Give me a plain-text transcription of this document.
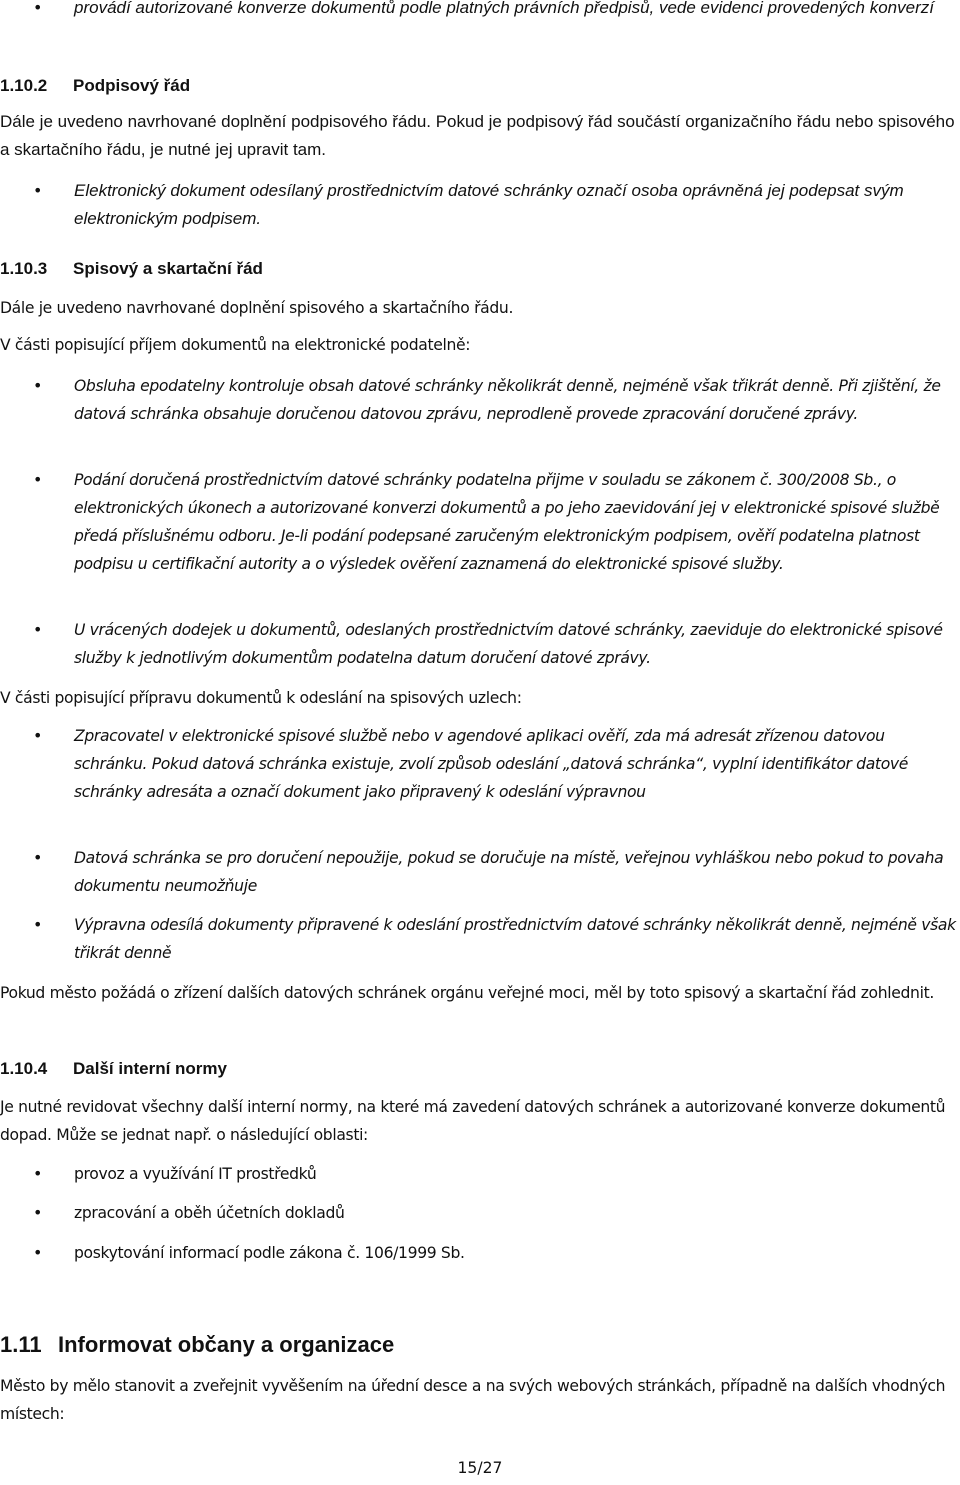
• provádí autorizované konverze dokumentů podle platných právních předpisů, vede evidenci provedených konverzí
1.10.2 Podpisový řád
Dále je uvedeno navrhované doplnění podpisového řádu. Pokud je podpisový řád součástí organizačního řádu nebo spisového a skartačního řádu, je nutné jej upravit tam.
• Elektronický dokument odesílaný prostřednictvím datové schránky označí osoba oprávněná jej podepsat svým elektronickým podpisem.
1.10.3 Spisový a skartační řád
Dále je uvedeno navrhované doplnění spisového a skartačního řádu.
V části popisující příjem dokumentů na elektronické podatelně:
• Obsluha epodatelny kontroluje obsah datové schránky několikrát denně, nejméně však třikrát denně. Při zjištění, že datová schránka obsahuje doručenou datovou zprávu, neprodleně provede zpracování doručené zprávy.
• Podání doručená prostřednictvím datové schránky podatelna přijme v souladu se zákonem č. 300/2008 Sb., o elektronických úkonech a autorizované konverzi dokumentů a po jeho zaevidování jej v elektronické spisové službě předá příslušnému odboru. Je-li podání podepsané zaručeným elektronickým podpisem, ověří podatelna platnost podpisu u certifikační autority a o výsledek ověření zaznamená do elektronické spisové služby.
• U vrácených dodejek u dokumentů, odeslaných prostřednictvím datové schránky, zaeviduje do elektronické spisové služby k jednotlivým dokumentům podatelna datum doručení datové zprávy.
V části popisující přípravu dokumentů k odeslání na spisových uzlech:
• Zpracovatel v elektronické spisové službě nebo v agendové aplikaci ověří, zda má adresát zřízenou datovou schránku. Pokud datová schránka existuje, zvolí způsob odeslání „datová schránka“, vyplní identifikátor datové schránky adresáta a označí dokument jako připravený k odeslání výpravnou
• Datová schránka se pro doručení nepoužije, pokud se doručuje na místě, veřejnou vyhláškou nebo pokud to povaha dokumentu neumožňuje
• Výpravna odesílá dokumenty připravené k odeslání prostřednictvím datové schránky několikrát denně, nejméně však třikrát denně
Pokud město požádá o zřízení dalších datových schránek orgánu veřejné moci, měl by toto spisový a skartační řád zohlednit.
1.10.4 Další interní normy
Je nutné revidovat všechny další interní normy, na které má zavedení datových schránek a autorizované konverze dokumentů dopad. Může se jednat např. o následující oblasti:
• provoz a využívání IT prostředků
• zpracování a oběh účetních dokladů
• poskytování informací podle zákona č. 106/1999 Sb.
1.11 Informovat občany a organizace
Město by mělo stanovit a zveřejnit vyvěšením na úřední desce a na svých webových stránkách, případně na dalších vhodných místech:
15/27
